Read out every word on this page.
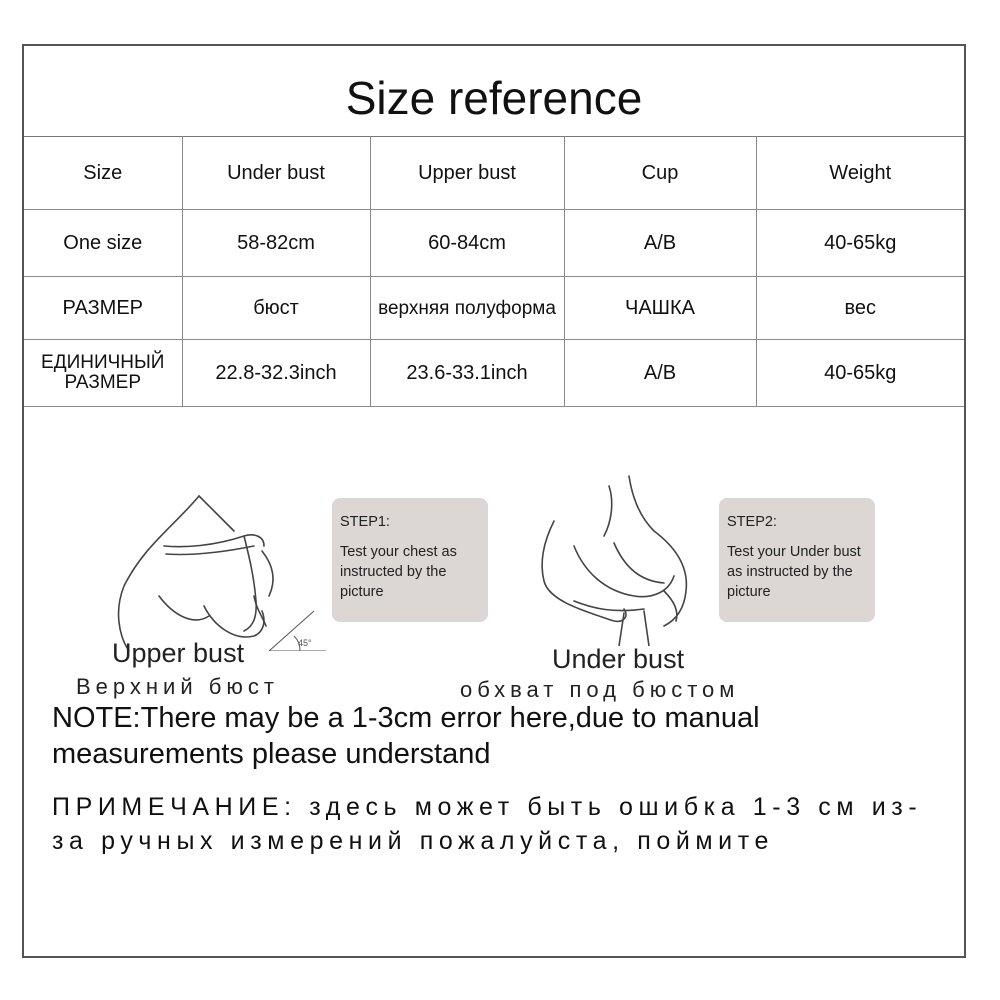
Size reference
Size	Under bust	Upper bust	Cup	Weight
One size	58-82cm	60-84cm	A/B	40-65kg
РАЗМЕР	бюст	верхняя полуформа	ЧАШКА	вес
ЕДИНИЧНЫЙ РАЗМЕР	22.8-32.3inch	23.6-33.1inch	A/B	40-65kg
45°
STEP1:
Test your chest as instructed by the picture
STEP2:
Test your Under bust as instructed by the picture
Upper bust
Верхний бюст
Under bust
обхват под бюстом
NOTE:There may be a 1-3cm error here,due to manual measurements please understand
ПРИМЕЧАНИЕ: здесь может быть ошибка 1-3 см из-за ручных измерений пожалуйста, поймите
